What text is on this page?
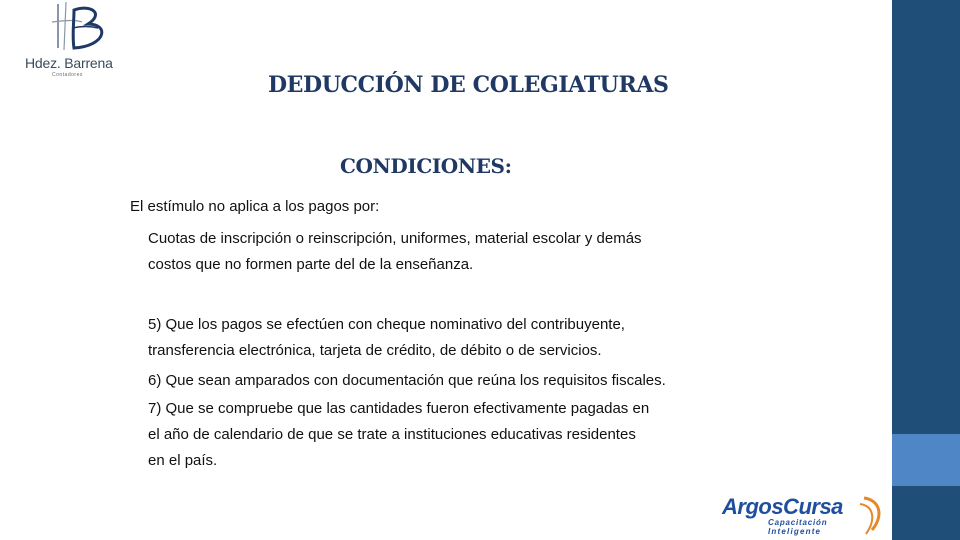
Hdez. Barrena
Contadores	DEDUCCIÓN DE COLEGIATURAS
CONDICIONES:
El estímulo no aplica a los pagos por:
Cuotas de inscripción o reinscripción, uniformes, material escolar y demás
costos que no formen parte del de la enseñanza.
5) Que los pagos se efectúen con cheque nominativo del contribuyente,
transferencia electrónica, tarjeta de crédito, de débito o de servicios.
6) Que sean amparados con documentación que reúna los requisitos fiscales.
7) Que se compruebe que las cantidades fueron efectivamente pagadas en
el año de calendario de que se trate a instituciones educativas residentes
en el país.
ArgosCursa
Capacitación
Inteligente
